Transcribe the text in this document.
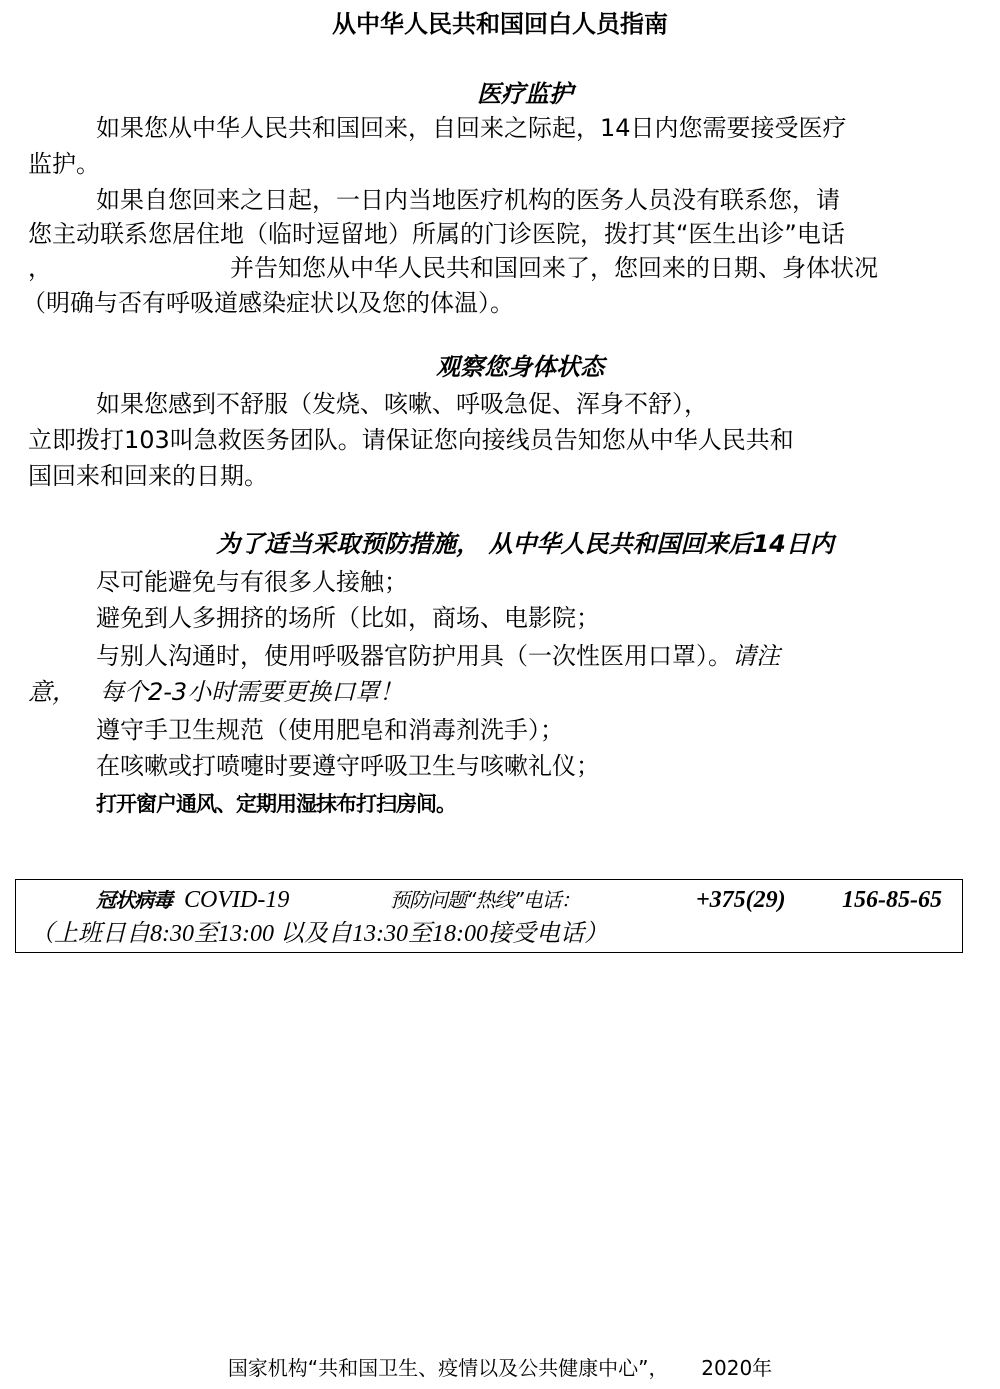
从中华人民共和国回白人员指南
医疗监护
如果您从中华人民共和国回来，自回来之际起，14日内您需要接受医疗
监护。
如果自您回来之日起，一日内当地医疗机构的医务人员没有联系您，请
您主动联系您居住地（临时逗留地）所属的门诊医院，拨打其“医生出诊”电话
，	并告知您从中华人民共和国回来了，您回来的日期、身体状况
（明确与否有呼吸道感染症状以及您的体温）。
观察您身体状态
如果您感到不舒服（发烧、咳嗽、呼吸急促、浑身不舒），
立即拨打103叫急救医务团队。请保证您向接线员告知您从中华人民共和
国回来和回来的日期。
为了适当采取预防措施， 从中华人民共和国回来后14日内
尽可能避免与有很多人接触；
避免到人多拥挤的场所（比如，商场、电影院；
与别人沟通时，使用呼吸器官防护用具（一次性医用口罩）。请注
意， 每个2-3小时需要更换口罩！
遵守手卫生规范（使用肥皂和消毒剂洗手）；
在咳嗽或打喷嚏时要遵守呼吸卫生与咳嗽礼仪；
打开窗户通风、定期用湿抹布打扫房间。
冠状病毒 COVID-19	预防问题“热线”电话：	+375(29) 156-85-65
（上班日自8:30至13:00 以及自13:30至18:00接受电话）
国家机构“共和国卫生、疫情以及公共健康中心”， 2020年
